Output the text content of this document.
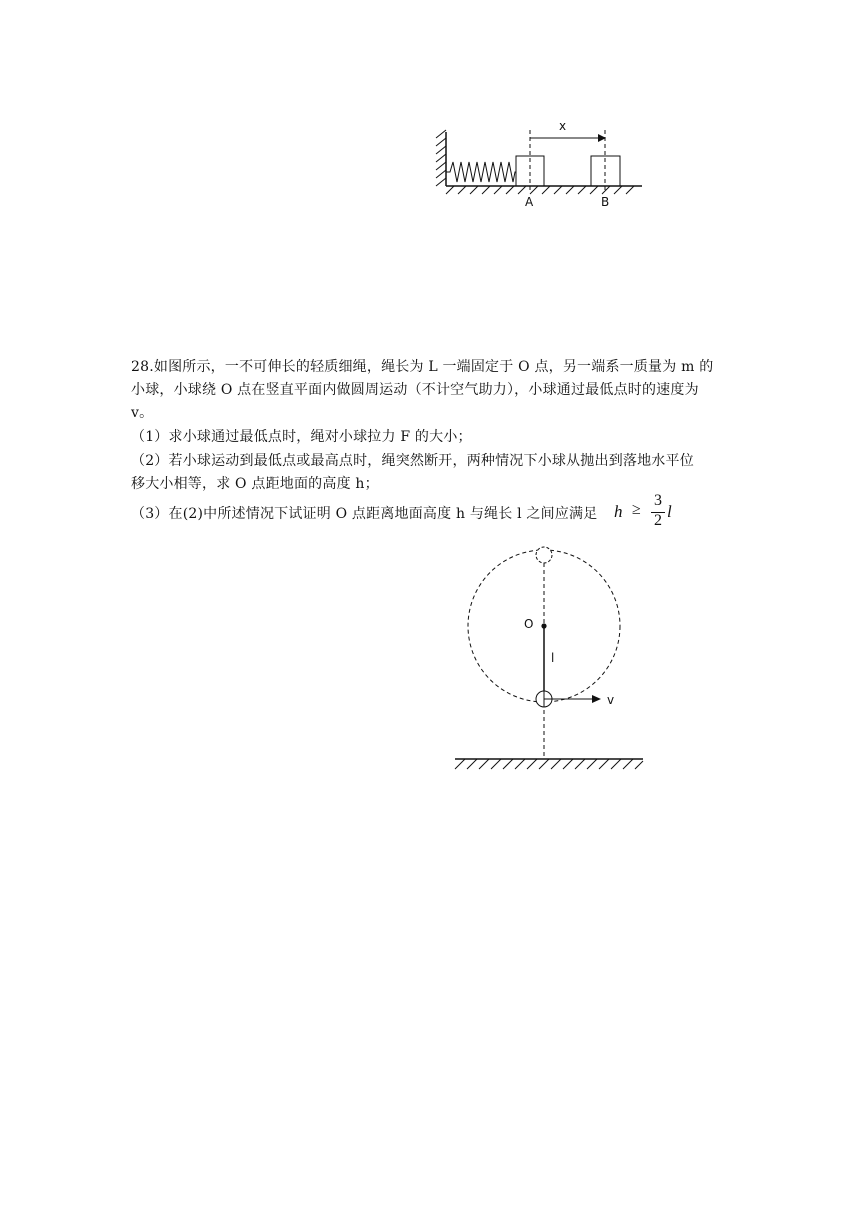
x
A	B
28.如图所示，一不可伸长的轻质细绳，绳长为 L 一端固定于 O 点，另一端系一质量为 m 的
小球，小球绕 O 点在竖直平面内做圆周运动（不计空气助力），小球通过最低点时的速度为
v。
（1）求小球通过最低点时，绳对小球拉力 F 的大小；
（2）若小球运动到最低点或最高点时，绳突然断开，两种情况下小球从抛出到落地水平位
移大小相等，求 O 点距地面的高度 h；
（3）在(2)中所述情况下试证明 O 点距离地面高度 h 与绳长 l 之间应满足 h ≥
3
2 l
O
l
v
